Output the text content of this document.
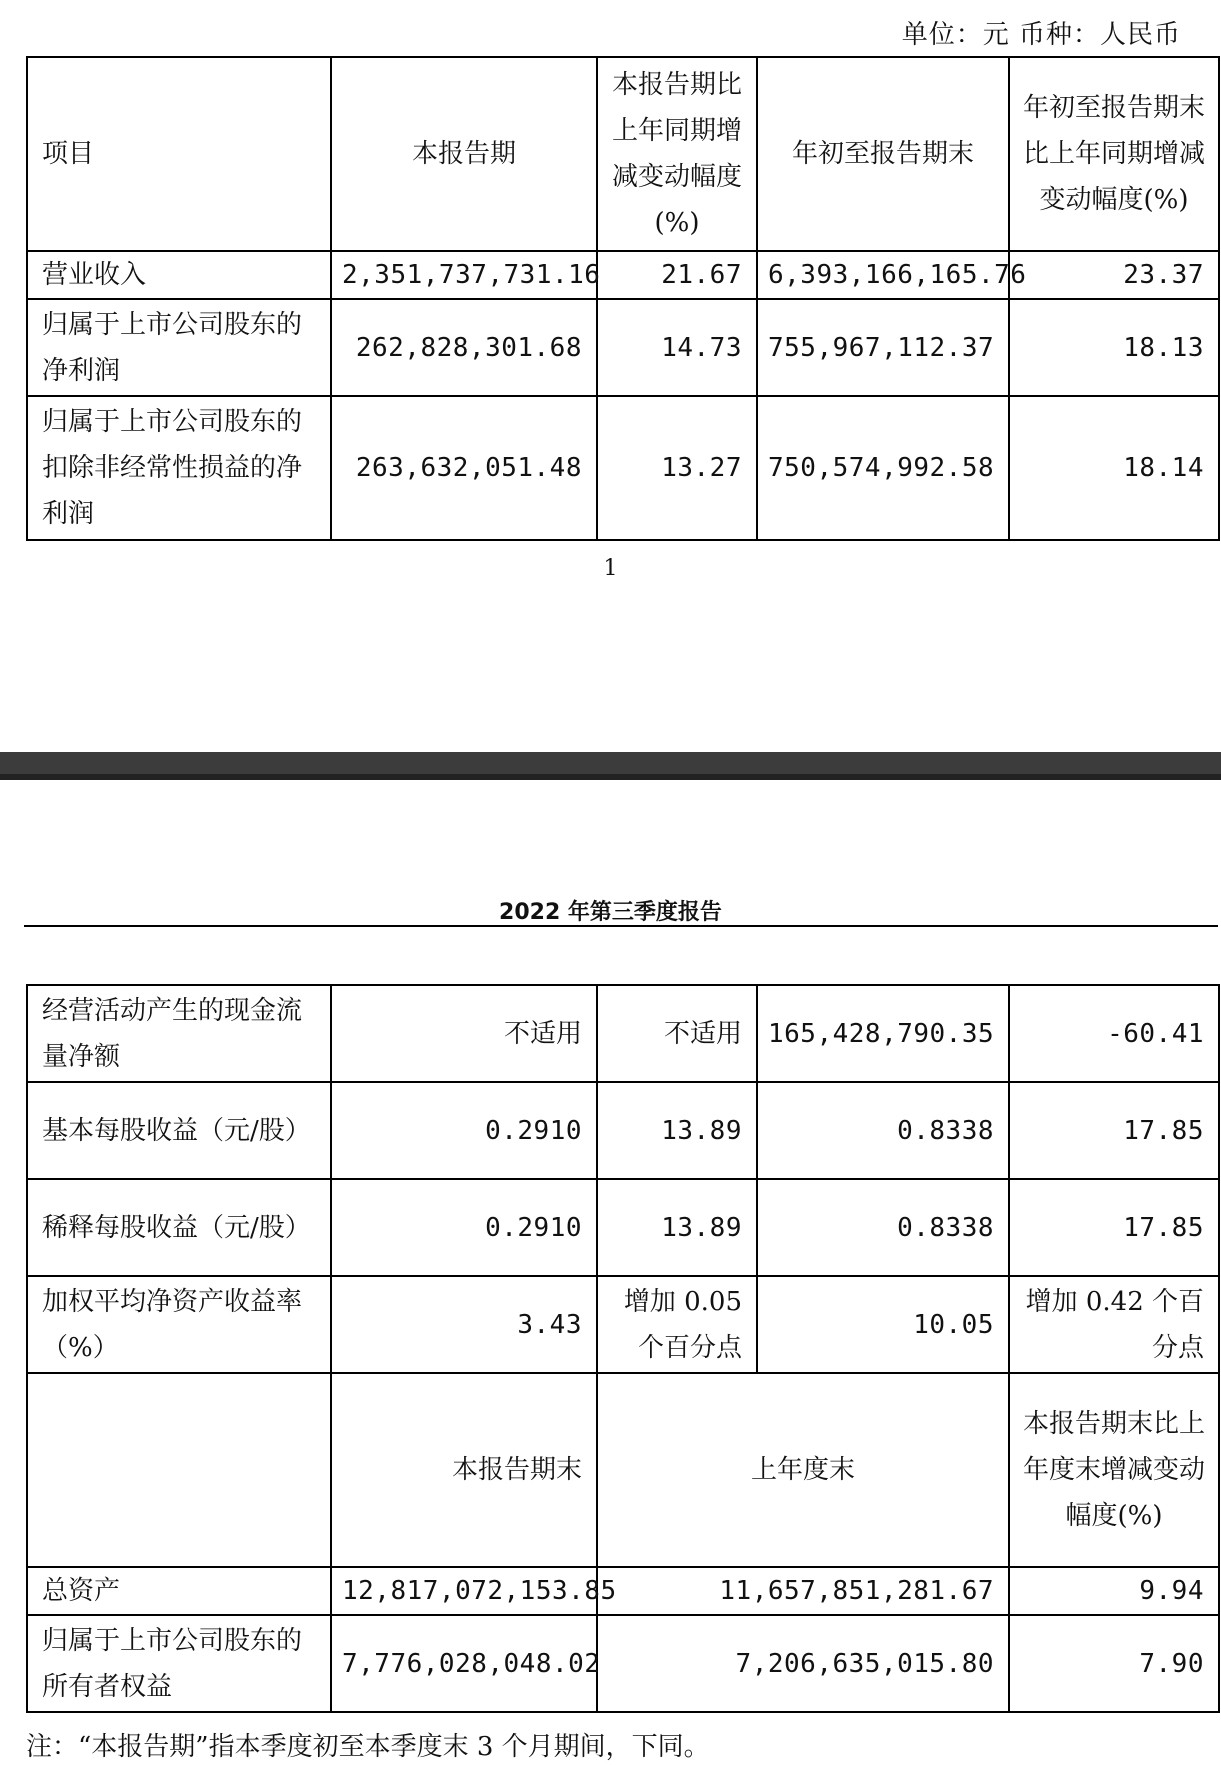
单位：元 币种：人民币
项目	本报告期	本报告期比上年同期增减变动幅度(%)	年初至报告期末	年初至报告期末比上年同期增减变动幅度(%)
营业收入	2,351,737,731.16	21.67	6,393,166,165.76	23.37
归属于上市公司股东的净利润	262,828,301.68	14.73	755,967,112.37	18.13
归属于上市公司股东的扣除非经常性损益的净利润	263,632,051.48	13.27	750,574,992.58	18.14
1
2022 年第三季度报告
经营活动产生的现金流量净额	不适用	不适用	165,428,790.35	-60.41
基本每股收益（元/股）	0.2910	13.89	0.8338	17.85
稀释每股收益（元/股）	0.2910	13.89	0.8338	17.85
加权平均净资产收益率（%）	3.43	增加 0.05 个百分点	10.05	增加 0.42 个百分点
	本报告期末	上年度末		本报告期末比上年度末增减变动幅度(%)
总资产	12,817,072,153.85	11,657,851,281.67		9.94
归属于上市公司股东的所有者权益	7,776,028,048.02	7,206,635,015.80		7.90
注：“本报告期”指本季度初至本季度末 3 个月期间，下同。
